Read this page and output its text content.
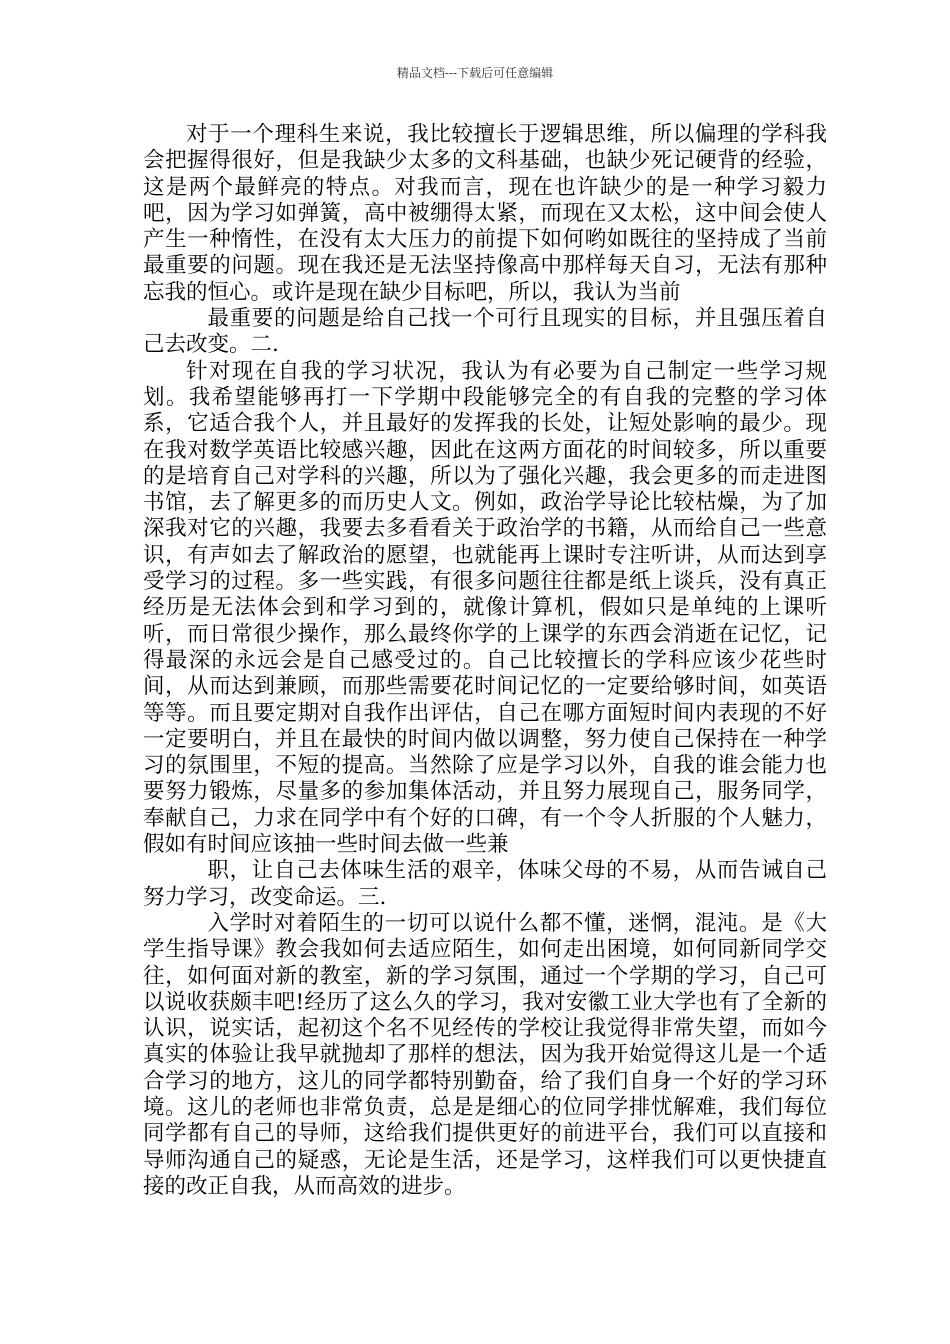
精品文档---下载后可任意编辑

对于一个理科生来说，我比较擅长于逻辑思维，所以偏理的学科我会把握得很好，但是我缺少太多的文科基础，也缺少死记硬背的经验，这是两个最鲜亮的特点。对我而言，现在也许缺少的是一种学习毅力吧，因为学习如弹簧，高中被绷得太紧，而现在又太松，这中间会使人产生一种惰性，在没有太大压力的前提下如何哟如既往的坚持成了当前最重要的问题。现在我还是无法坚持像高中那样每天自习，无法有那种忘我的恒心。或许是现在缺少目标吧，所以，我认为当前

最重要的问题是给自己找一个可行且现实的目标，并且强压着自己去改变。二.

针对现在自我的学习状况，我认为有必要为自己制定一些学习规划。我希望能够再打一下学期中段能够完全的有自我的完整的学习体系，它适合我个人，并且最好的发挥我的长处，让短处影响的最少。现在我对数学英语比较感兴趣，因此在这两方面花的时间较多，所以重要的是培育自己对学科的兴趣，所以为了强化兴趣，我会更多的而走进图书馆，去了解更多的而历史人文。例如，政治学导论比较枯燥，为了加深我对它的兴趣，我要去多看看关于政治学的书籍，从而给自己一些意识，有声如去了解政治的愿望，也就能再上课时专注听讲，从而达到享受学习的过程。多一些实践，有很多问题往往都是纸上谈兵，没有真正经历是无法体会到和学习到的，就像计算机，假如只是单纯的上课听听，而日常很少操作，那么最终你学的上课学的东西会消逝在记忆，记得最深的永远会是自己感受过的。自己比较擅长的学科应该少花些时间，从而达到兼顾，而那些需要花时间记忆的一定要给够时间，如英语等等。而且要定期对自我作出评估，自己在哪方面短时间内表现的不好一定要明白，并且在最快的时间内做以调整，努力使自己保持在一种学习的氛围里，不短的提高。当然除了应是学习以外，自我的谁会能力也要努力锻炼，尽量多的参加集体活动，并且努力展现自己，服务同学，奉献自己，力求在同学中有个好的口碑，有一个令人折服的个人魅力，假如有时间应该抽一些时间去做一些兼

职，让自己去体味生活的艰辛，体味父母的不易，从而告诫自己努力学习，改变命运。三.

入学时对着陌生的一切可以说什么都不懂，迷惘，混沌。是《大学生指导课》教会我如何去适应陌生，如何走出困境，如何同新同学交往，如何面对新的教室，新的学习氛围，通过一个学期的学习，自己可以说收获颇丰吧!经历了这么久的学习，我对安徽工业大学也有了全新的认识，说实话，起初这个名不见经传的学校让我觉得非常失望，而如今真实的体验让我早就抛却了那样的想法，因为我开始觉得这儿是一个适合学习的地方，这儿的同学都特别勤奋，给了我们自身一个好的学习环境。这儿的老师也非常负责，总是是细心的位同学排忧解难，我们每位同学都有自己的导师，这给我们提供更好的前进平台，我们可以直接和导师沟通自己的疑惑，无论是生活，还是学习，这样我们可以更快捷直接的改正自我，从而高效的进步。
